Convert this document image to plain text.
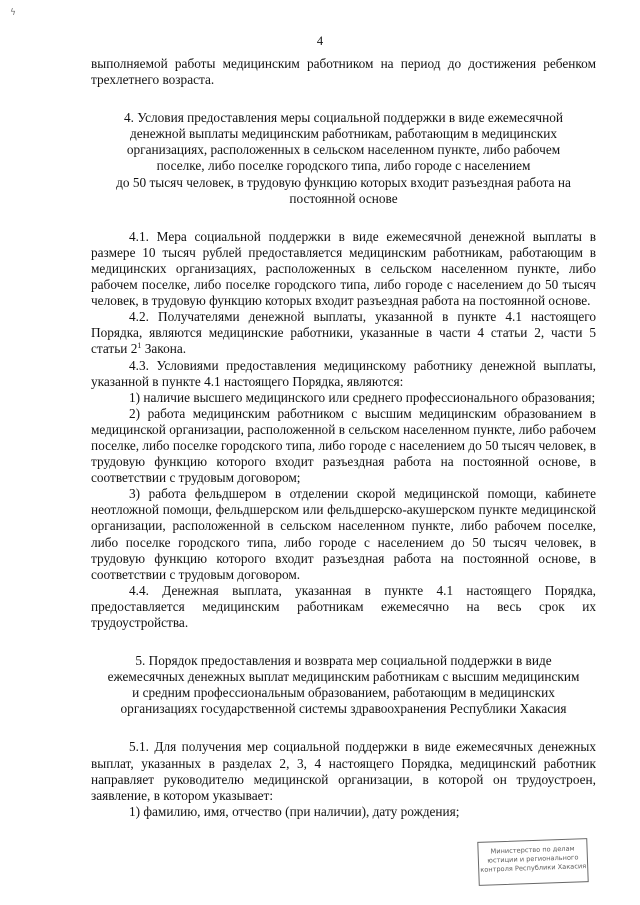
ϟ
4

выполняемой работы медицинским работником на период до достижения ребенком трехлетнего возраста.

4. Условия предоставления меры социальной поддержки в виде ежемесячной

денежной выплаты медицинским работникам, работающим в медицинских

организациях, расположенных в сельском населенном пункте, либо рабочем

поселке, либо поселке городского типа, либо городе с населением

до 50 тысяч человек, в трудовую функцию которых входит разъездная работа на

постоянной основе

4.1. Мера социальной поддержки в виде ежемесячной денежной выплаты в размере 10 тысяч рублей предоставляется медицинским работникам, работающим в медицинских организациях, расположенных в сельском населенном пункте, либо рабочем поселке, либо поселке городского типа, либо городе с населением до 50 тысяч человек, в трудовую функцию которых входит разъездная работа на постоянной основе.

4.2. Получателями денежной выплаты, указанной в пункте 4.1 настоящего Порядка, являются медицинские работники, указанные в части 4 статьи 2, части 5 статьи $2^1$ Закона.

4.3. Условиями предоставления медицинскому работнику денежной выплаты, указанной в пункте 4.1 настоящего Порядка, являются:

1) наличие высшего медицинского или среднего профессионального образования;

2) работа медицинским работником с высшим медицинским образованием в медицинской организации, расположенной в сельском населенном пункте, либо рабочем поселке, либо поселке городского типа, либо городе с населением до 50 тысяч человек, в трудовую функцию которого входит разъездная работа на постоянной основе, в соответствии с трудовым договором;

3) работа фельдшером в отделении скорой медицинской помощи, кабинете неотложной помощи, фельдшерском или фельдшерско-акушерском пункте медицинской организации, расположенной в сельском населенном пункте, либо рабочем поселке, либо поселке городского типа, либо городе с населением до 50 тысяч человек, в трудовую функцию которого входит разъездная работа на постоянной основе, в соответствии с трудовым договором.

4.4. Денежная выплата, указанная в пункте 4.1 настоящего Порядка, предоставляется медицинским работникам ежемесячно на весь срок их трудоустройства.

5. Порядок предоставления и возврата мер социальной поддержки в виде

ежемесячных денежных выплат медицинским работникам с высшим медицинским

и средним профессиональным образованием, работающим в медицинских

организациях государственной системы здравоохранения Республики Хакасия

5.1. Для получения мер социальной поддержки в виде ежемесячных денежных выплат, указанных в разделах 2, 3, 4 настоящего Порядка, медицинский работник направляет руководителю медицинской организации, в которой он трудоустроен, заявление, в котором указывает:

1) фамилию, имя, отчество (при наличии), дату рождения;

Министерство по делам
юстиции и регионального
контроля Республики Хакасия
